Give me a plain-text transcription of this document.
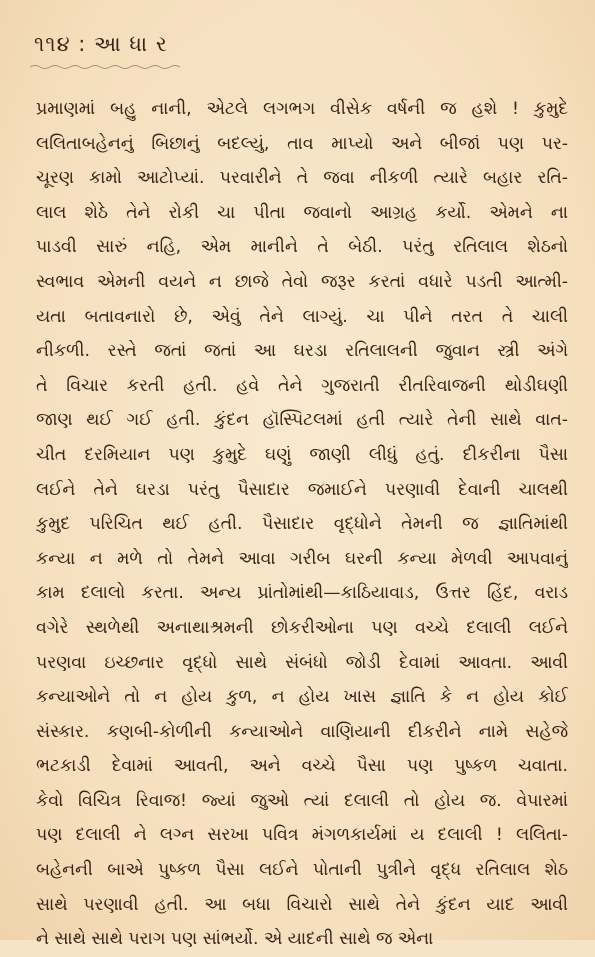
૧૧૪ : આ ધા ર
પ્રમાણમાં બહુ નાની, એટલે લગભગ વીસેક વર્ષની જ હશે ! કુમુદે
લલિતાબહેનનું બિછાનું બદલ્યું, તાવ માપ્યો અને બીજાં પણ પર-
ચૂરણ કામો આટોપ્યાં. પરવારીને તે જવા નીકળી ત્યારે બહાર રતિ-
લાલ શેઠે તેને રોકી ચા પીતા જવાનો આગ્રહ કર્યો. એમને ના
પાડવી સારું નહિ, એમ માનીને તે બેઠી. પરંતુ રતિલાલ શેઠનો
સ્વભાવ એમની વયને ન છાજે તેવો જરૂર કરતાં વધારે પડતી આત્મી-
યતા બતાવનારો છે, એવું તેને લાગ્યું. ચા પીને તરત તે ચાલી
નીકળી. રસ્તે જતાં જતાં આ ઘરડા રતિલાલની જુવાન સ્ત્રી અંગે
તે વિચાર કરતી હતી. હવે તેને ગુજરાતી રીતરિવાજની થોડીઘણી
જાણ થઈ ગઈ હતી. કુંદન હૉસ્પિટલમાં હતી ત્યારે તેની સાથે વાત-
ચીત દરમિયાન પણ કુમુદે ઘણું જાણી લીધું હતું. દીકરીના પૈસા
લઈને તેને ઘરડા પરંતુ પૈસાદાર જમાઈને પરણાવી દેવાની ચાલથી
કુમુદ પરિચિત થઈ હતી. પૈસાદાર વૃદ્ધોને તેમની જ જ્ઞાતિમાંથી
કન્યા ન મળે તો તેમને આવા ગરીબ ઘરની કન્યા મેળવી આપવાનું
કામ દલાલો કરતા. અન્ય પ્રાંતોમાંથી—કાઠિયાવાડ, ઉત્તર હિંદ, વરાડ
વગેરે સ્થળેથી અનાથાશ્રમની છોકરીઓના પણ વચ્ચે દલાલી લઈને
પરણવા ઇચ્છનાર વૃદ્ધો સાથે સંબંધો જોડી દેવામાં આવતા. આવી
કન્યાઓને તો ન હોય કુળ, ન હોય ખાસ જ્ઞાતિ કે ન હોય કોઈ
સંસ્કાર. કણબી-કોળીની કન્યાઓને વાણિયાની દીકરીને નામે સહેજે
ભટકાડી દેવામાં આવતી, અને વચ્ચે પૈસા પણ પુષ્કળ ચવાતા.
કેવો વિચિત્ર રિવાજ! જ્યાં જુઓ ત્યાં દલાલી તો હોય જ. વેપારમાં
પણ દલાલી ને લગ્ન સરખા પવિત્ર મંગળકાર્યમાં ય દલાલી ! લલિતા-
બહેનની બાએ પુષ્કળ પૈસા લઈને પોતાની પુત્રીને વૃદ્ધ રતિલાલ શેઠ
સાથે પરણાવી હતી. આ બધા વિચારો સાથે તેને કુંદન યાદ આવી
ને સાથે સાથે પરાગ પણ સાંભર્યો. એ યાદની સાથે જ એના
